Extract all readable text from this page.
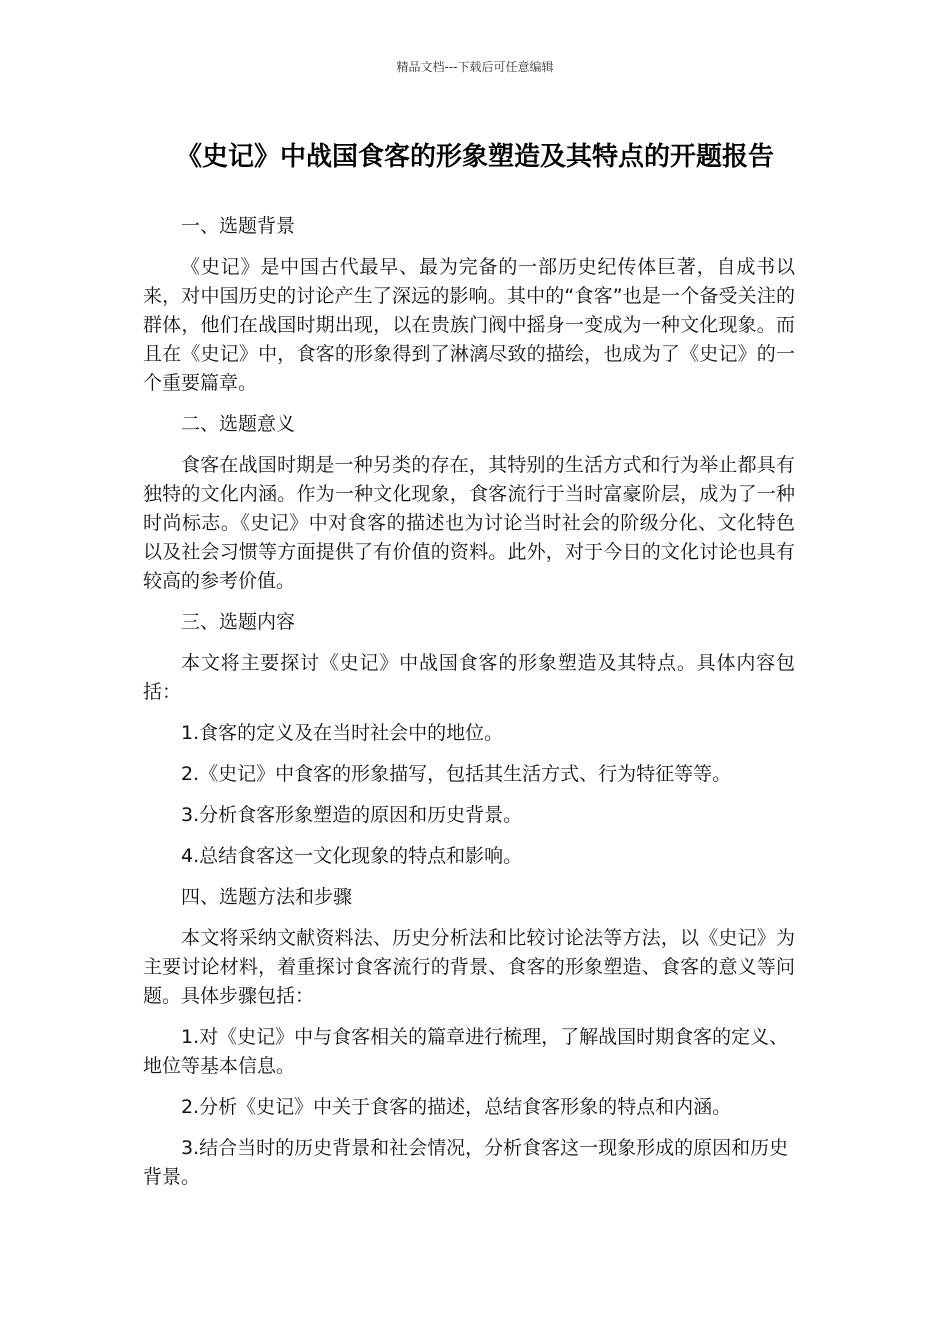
精品文档---下载后可任意编辑
《史记》中战国食客的形象塑造及其特点的开题报告

一、选题背景

《史记》是中国古代最早、最为完备的一部历史纪传体巨著，自成书以来，对中国历史的讨论产生了深远的影响。其中的“食客”也是一个备受关注的群体，他们在战国时期出现，以在贵族门阀中摇身一变成为一种文化现象。而且在《史记》中，食客的形象得到了淋漓尽致的描绘，也成为了《史记》的一个重要篇章。

二、选题意义

食客在战国时期是一种另类的存在，其特别的生活方式和行为举止都具有独特的文化内涵。作为一种文化现象，食客流行于当时富豪阶层，成为了一种时尚标志。《史记》中对食客的描述也为讨论当时社会的阶级分化、文化特色以及社会习惯等方面提供了有价值的资料。此外，对于今日的文化讨论也具有较高的参考价值。

三、选题内容

本文将主要探讨《史记》中战国食客的形象塑造及其特点。具体内容包括：

1.食客的定义及在当时社会中的地位。

2.《史记》中食客的形象描写，包括其生活方式、行为特征等等。

3.分析食客形象塑造的原因和历史背景。

4.总结食客这一文化现象的特点和影响。

四、选题方法和步骤

本文将采纳文献资料法、历史分析法和比较讨论法等方法，以《史记》为主要讨论材料，着重探讨食客流行的背景、食客的形象塑造、食客的意义等问题。具体步骤包括：

1.对《史记》中与食客相关的篇章进行梳理，了解战国时期食客的定义、地位等基本信息。

2.分析《史记》中关于食客的描述，总结食客形象的特点和内涵。

3.结合当时的历史背景和社会情况，分析食客这一现象形成的原因和历史背景。
